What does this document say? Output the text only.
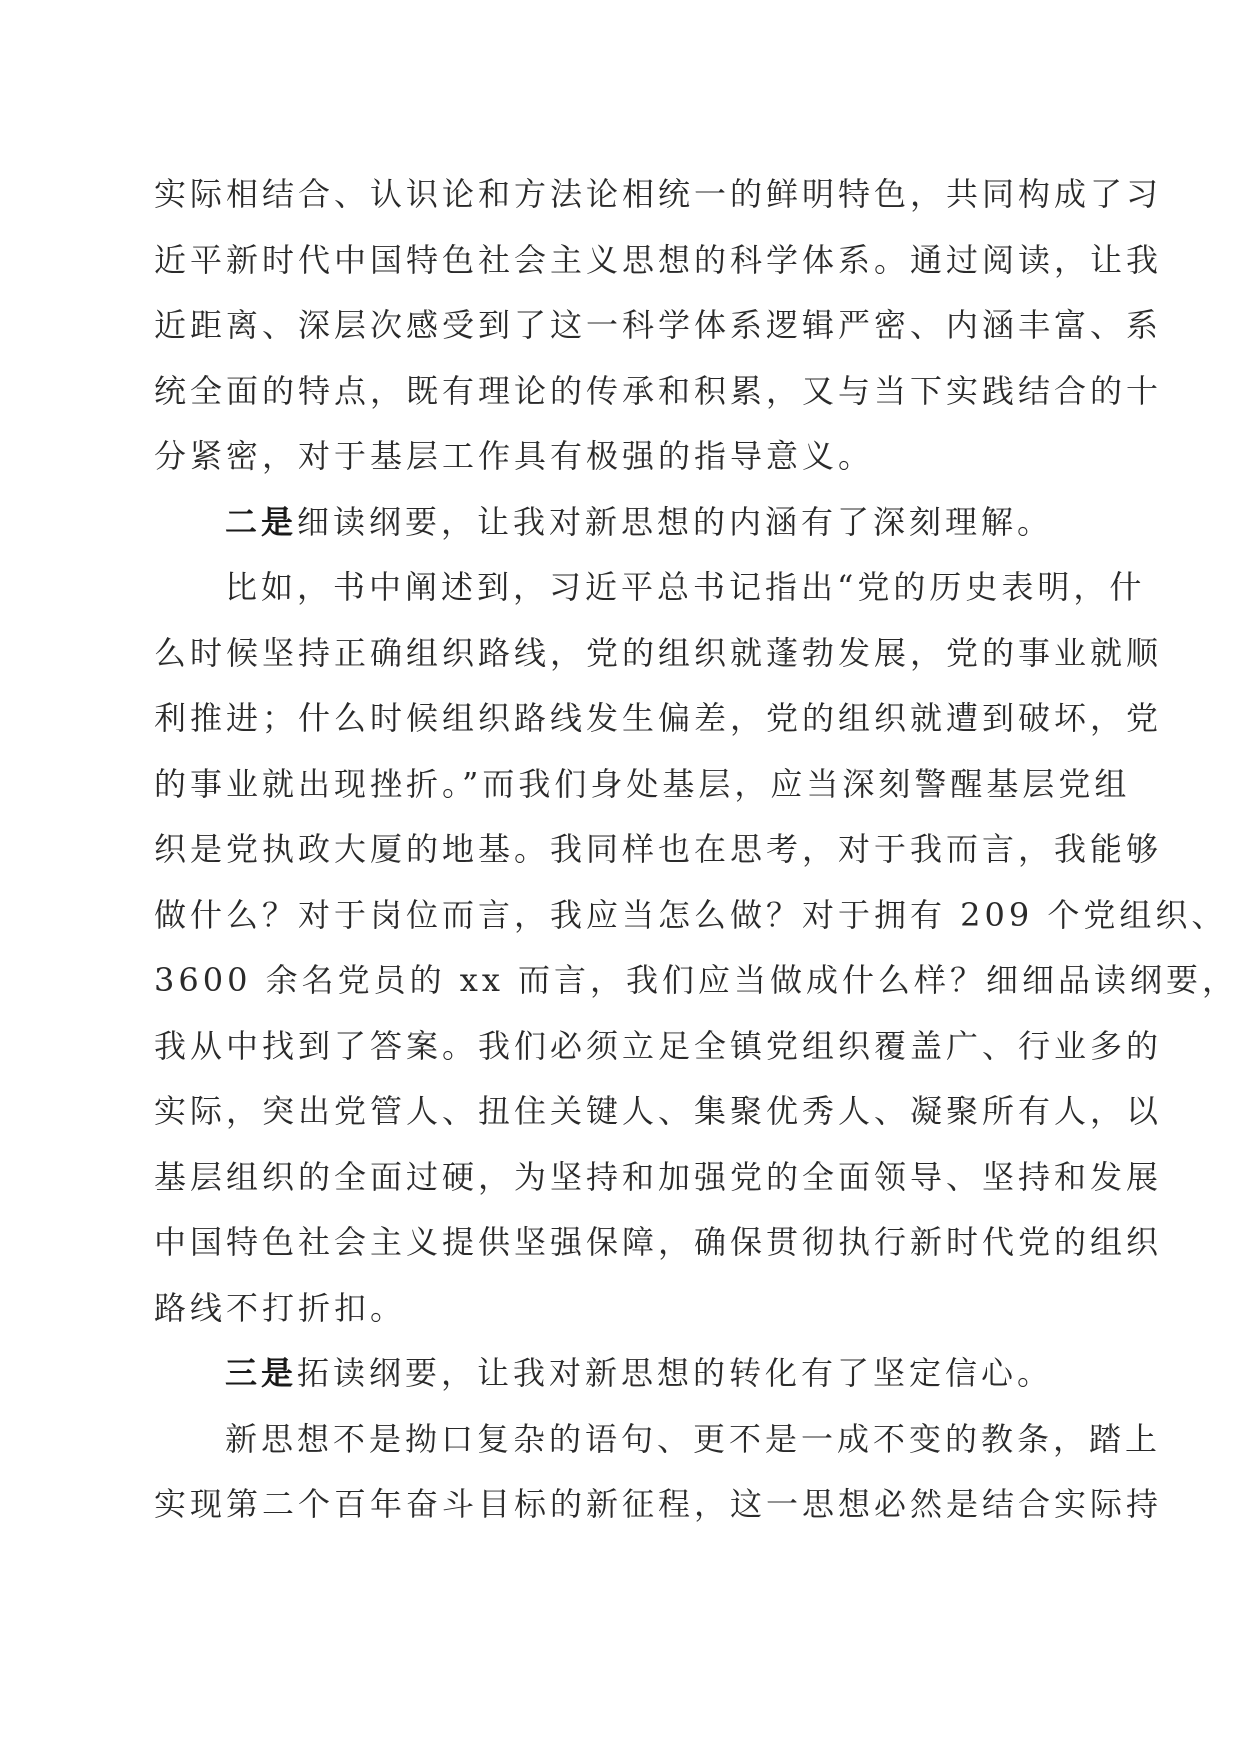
实际相结合、认识论和方法论相统一的鲜明特色，共同构成了习
近平新时代中国特色社会主义思想的科学体系。通过阅读，让我
近距离、深层次感受到了这一科学体系逻辑严密、内涵丰富、系
统全面的特点，既有理论的传承和积累，又与当下实践结合的十
分紧密，对于基层工作具有极强的指导意义。
二是细读纲要，让我对新思想的内涵有了深刻理解。
比如，书中阐述到，习近平总书记指出“党的历史表明，什
么时候坚持正确组织路线，党的组织就蓬勃发展，党的事业就顺
利推进；什么时候组织路线发生偏差，党的组织就遭到破坏，党
的事业就出现挫折。”而我们身处基层，应当深刻警醒基层党组
织是党执政大厦的地基。我同样也在思考，对于我而言，我能够
做什么？对于岗位而言，我应当怎么做？对于拥有 209 个党组织、
3600 余名党员的 xx 而言，我们应当做成什么样？细细品读纲要，
我从中找到了答案。我们必须立足全镇党组织覆盖广、行业多的
实际，突出党管人、扭住关键人、集聚优秀人、凝聚所有人，以
基层组织的全面过硬，为坚持和加强党的全面领导、坚持和发展
中国特色社会主义提供坚强保障，确保贯彻执行新时代党的组织
路线不打折扣。
三是拓读纲要，让我对新思想的转化有了坚定信心。
新思想不是拗口复杂的语句、更不是一成不变的教条，踏上
实现第二个百年奋斗目标的新征程，这一思想必然是结合实际持
